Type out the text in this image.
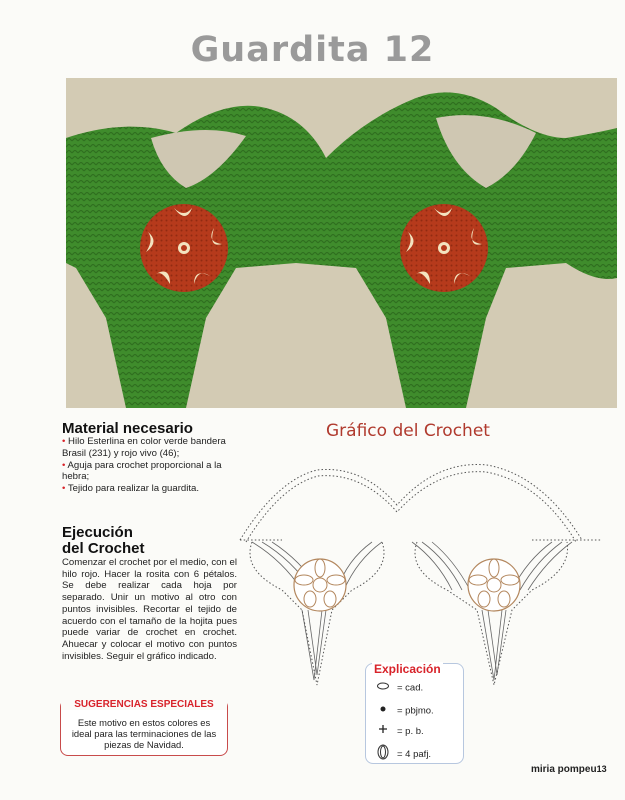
Guardita 12
Material necesario
• Hilo Esterlina en color verde bandera Brasil (231) y rojo vivo (46);
• Aguja para crochet proporcional a la hebra;
• Tejido para realizar la guardita.
Ejecución
del Crochet

Comenzar el crochet por el medio, con el hilo rojo. Hacer la rosita con 6 pétalos. Se debe realizar cada hoja por separado. Unir un motivo al otro con puntos invisibles. Recortar el tejido de acuerdo con el tamaño de la hojita pues puede variar de crochet en crochet. Ahuecar y colocar el motivo con puntos invisibles. Seguir el gráfico indicado.

SUGERENCIAS ESPECIALES

Este motivo en estos colores es ideal para las terminaciones de las piezas de Navidad.

Gráfico del Crochet

Explicación

= cad.
= pbjmo.
= p. b.
= 4 pafj.

miria pompeu13
